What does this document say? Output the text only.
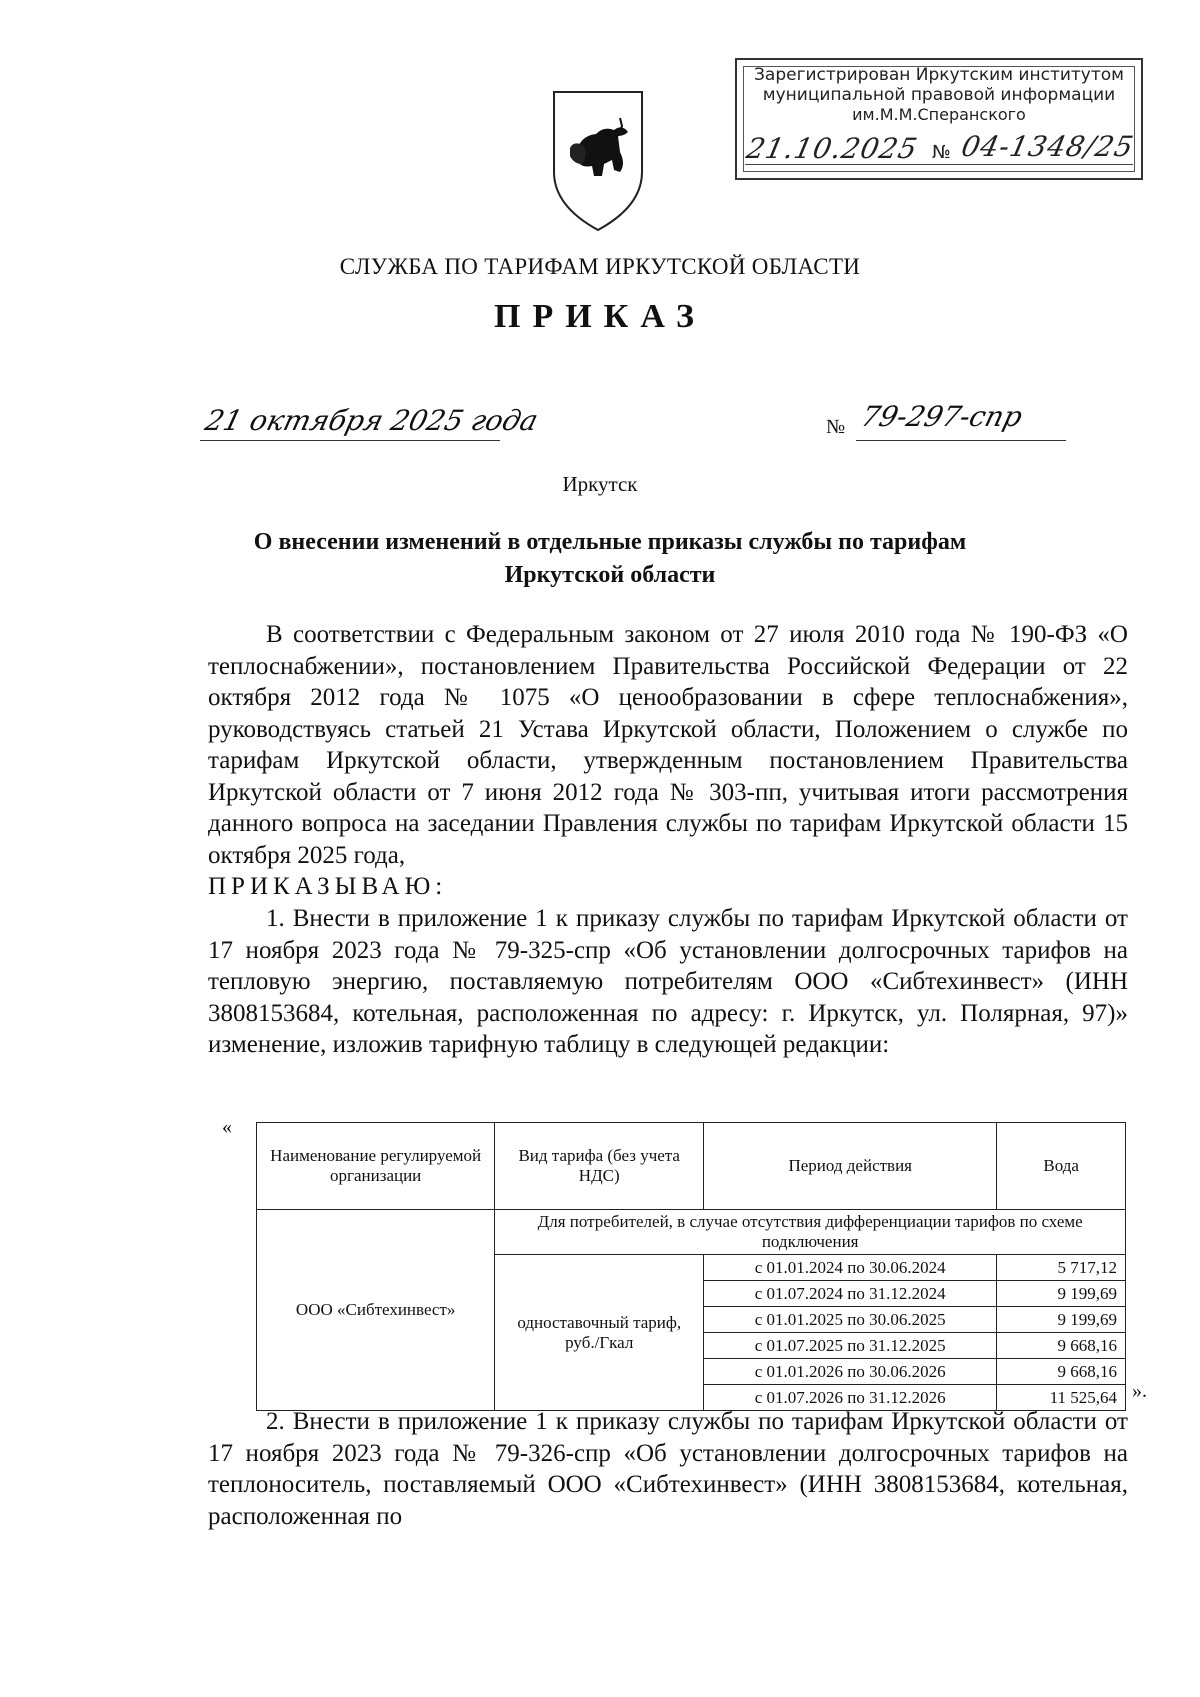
Зарегистрирован Иркутским институтом
муниципальной правовой информации
им.М.М.Сперанского
21.10.2025 № 04-1348/25
СЛУЖБА ПО ТАРИФАМ ИРКУТСКОЙ ОБЛАСТИ
ПРИКАЗ
21 октября 2025 года	№ 79-297-спр
Иркутск
О внесении изменений в отдельные приказы службы по тарифам Иркутской области
В соответствии с Федеральным законом от 27 июля 2010 года № 190-ФЗ «О теплоснабжении», постановлением Правительства Российской Федерации от 22 октября 2012 года № 1075 «О ценообразовании в сфере теплоснабжения», руководствуясь статьей 21 Устава Иркутской области, Положением о службе по тарифам Иркутской области, утвержденным постановлением Правительства Иркутской области от 7 июня 2012 года № 303-пп, учитывая итоги рассмотрения данного вопроса на заседании Правления службы по тарифам Иркутской области 15 октября 2025 года,
ПРИКАЗЫВАЮ:
1. Внести в приложение 1 к приказу службы по тарифам Иркутской области от 17 ноября 2023 года № 79-325-спр «Об установлении долгосрочных тарифов на тепловую энергию, поставляемую потребителям ООО «Сибтехинвест» (ИНН 3808153684, котельная, расположенная по адресу: г. Иркутск, ул. Полярная, 97)» изменение, изложив тарифную таблицу в следующей редакции:
«
Наименование регулируемой организации	Вид тарифа (без учета НДС)	Период действия	Вода
ООО «Сибтехинвест»	Для потребителей, в случае отсутствия дифференциации тарифов по схеме подключения		
	одноставочный тариф, руб./Гкал	с 01.01.2024 по 30.06.2024	5 717,12
		с 01.07.2024 по 31.12.2024	9 199,69
		с 01.01.2025 по 30.06.2025	9 199,69
		с 01.07.2025 по 31.12.2025	9 668,16
		с 01.01.2026 по 30.06.2026	9 668,16
		с 01.07.2026 по 31.12.2026	11 525,64 ».
2. Внести в приложение 1 к приказу службы по тарифам Иркутской области от 17 ноября 2023 года № 79-326-спр «Об установлении долгосрочных тарифов на теплоноситель, поставляемый ООО «Сибтехинвест» (ИНН 3808153684, котельная, расположенная по
